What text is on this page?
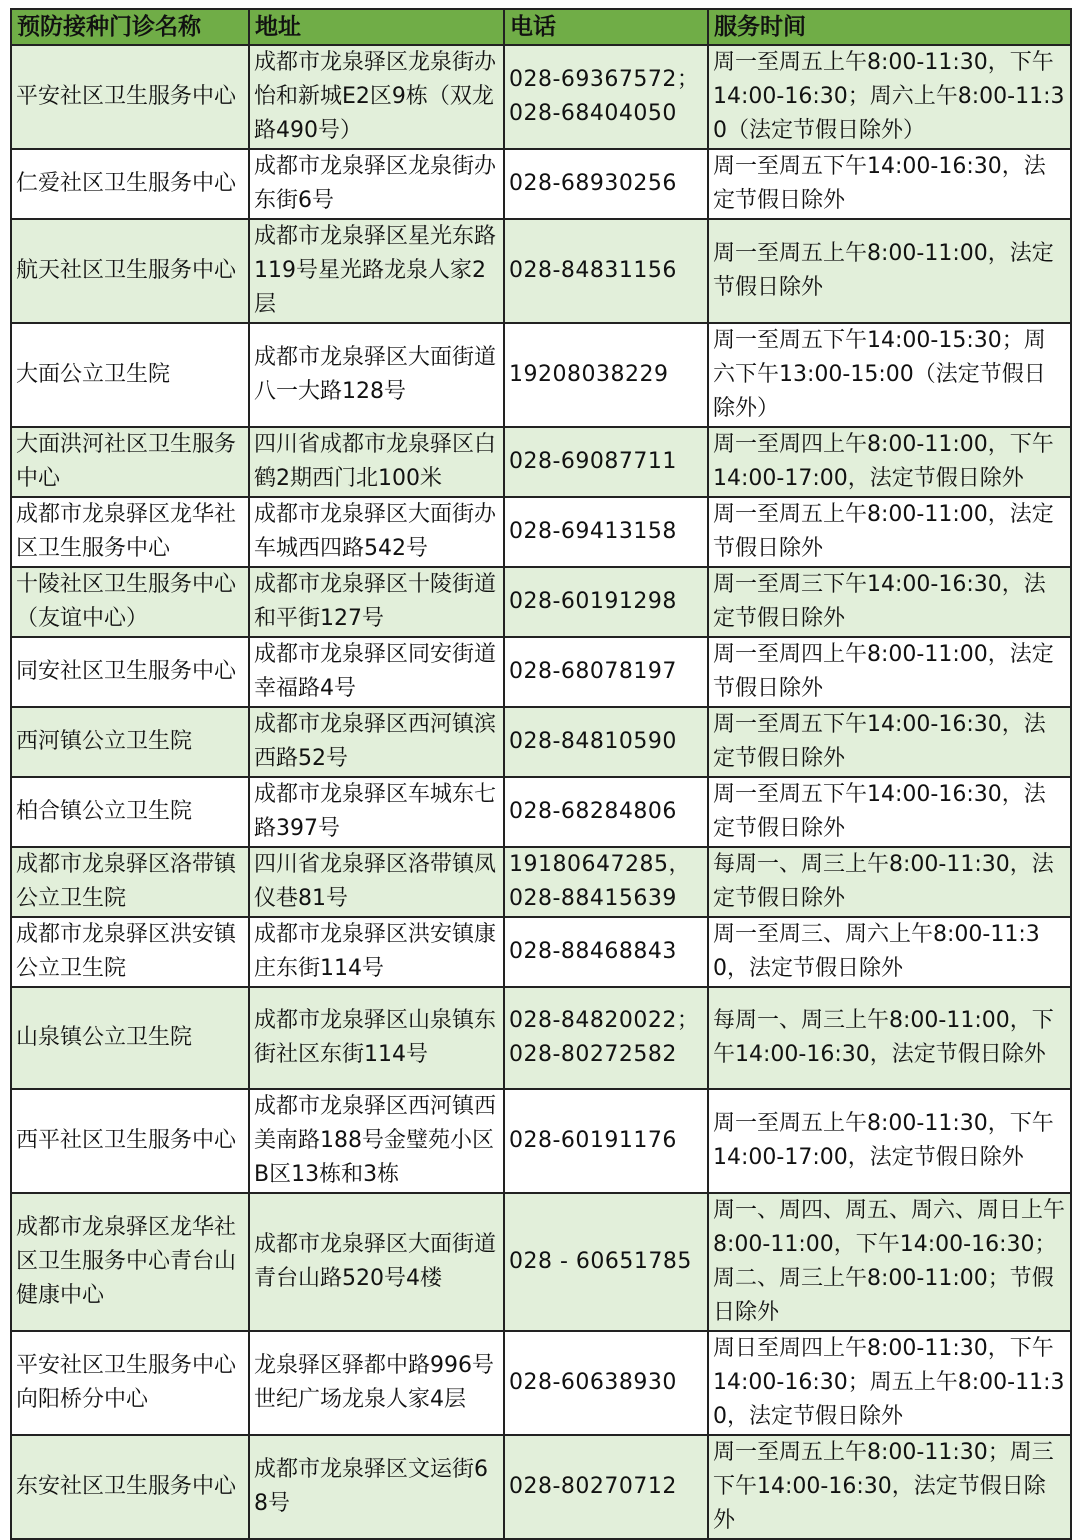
预防接种门诊名称	地址	电话	服务时间
平安社区卫生服务中心	成都市龙泉驿区龙泉街办怡和新城E2区9栋（双龙路490号）	028-69367572；028-68404050	周一至周五上午8:00-11:30，下午14:00-16:30；周六上午8:00-11:30（法定节假日除外）
仁爱社区卫生服务中心	成都市龙泉驿区龙泉街办东街6号	028-68930256	周一至周五下午14:00-16:30，法定节假日除外
航天社区卫生服务中心	成都市龙泉驿区星光东路119号星光路龙泉人家2层	028-84831156	周一至周五上午8:00-11:00，法定节假日除外
大面公立卫生院	成都市龙泉驿区大面街道八一大路128号	19208038229	周一至周五下午14:00-15:30；周六下午13:00-15:00（法定节假日除外）
大面洪河社区卫生服务中心	四川省成都市龙泉驿区白鹤2期西门北100米	028-69087711	周一至周四上午8:00-11:00，下午14:00-17:00，法定节假日除外
成都市龙泉驿区龙华社区卫生服务中心	成都市龙泉驿区大面街办车城西四路542号	028-69413158	周一至周五上午8:00-11:00，法定节假日除外
十陵社区卫生服务中心（友谊中心）	成都市龙泉驿区十陵街道和平街127号	028-60191298	周一至周三下午14:00-16:30，法定节假日除外
同安社区卫生服务中心	成都市龙泉驿区同安街道幸福路4号	028-68078197	周一至周四上午8:00-11:00，法定节假日除外
西河镇公立卫生院	成都市龙泉驿区西河镇滨西路52号	028-84810590	周一至周五下午14:00-16:30，法定节假日除外
柏合镇公立卫生院	成都市龙泉驿区车城东七路397号	028-68284806	周一至周五下午14:00-16:30，法定节假日除外
成都市龙泉驿区洛带镇公立卫生院	四川省龙泉驿区洛带镇凤仪巷81号	19180647285，028-88415639	每周一、周三上午8:00-11:30，法定节假日除外
成都市龙泉驿区洪安镇公立卫生院	成都市龙泉驿区洪安镇康庄东街114号	028-88468843	周一至周三、周六上午8:00-11:30，法定节假日除外
山泉镇公立卫生院	成都市龙泉驿区山泉镇东街社区东街114号	028-84820022；028-80272582	每周一、周三上午8:00-11:00，下午14:00-16:30，法定节假日除外
西平社区卫生服务中心	成都市龙泉驿区西河镇西美南路188号金璧苑小区B区13栋和3栋	028-60191176	周一至周五上午8:00-11:30，下午14:00-17:00，法定节假日除外
成都市龙泉驿区龙华社区卫生服务中心青台山健康中心	成都市龙泉驿区大面街道青台山路520号4楼	028 - 60651785	周一、周四、周五、周六、周日上午8:00-11:00，下午14:00-16:30；周二、周三上午8:00-11:00；节假日除外
平安社区卫生服务中心向阳桥分中心	龙泉驿区驿都中路996号世纪广场龙泉人家4层	028-60638930	周日至周四上午8:00-11:30，下午14:00-16:30；周五上午8:00-11:30，法定节假日除外
东安社区卫生服务中心	成都市龙泉驿区文运街68号	028-80270712	周一至周五上午8:00-11:30；周三下午14:00-16:30，法定节假日除外
